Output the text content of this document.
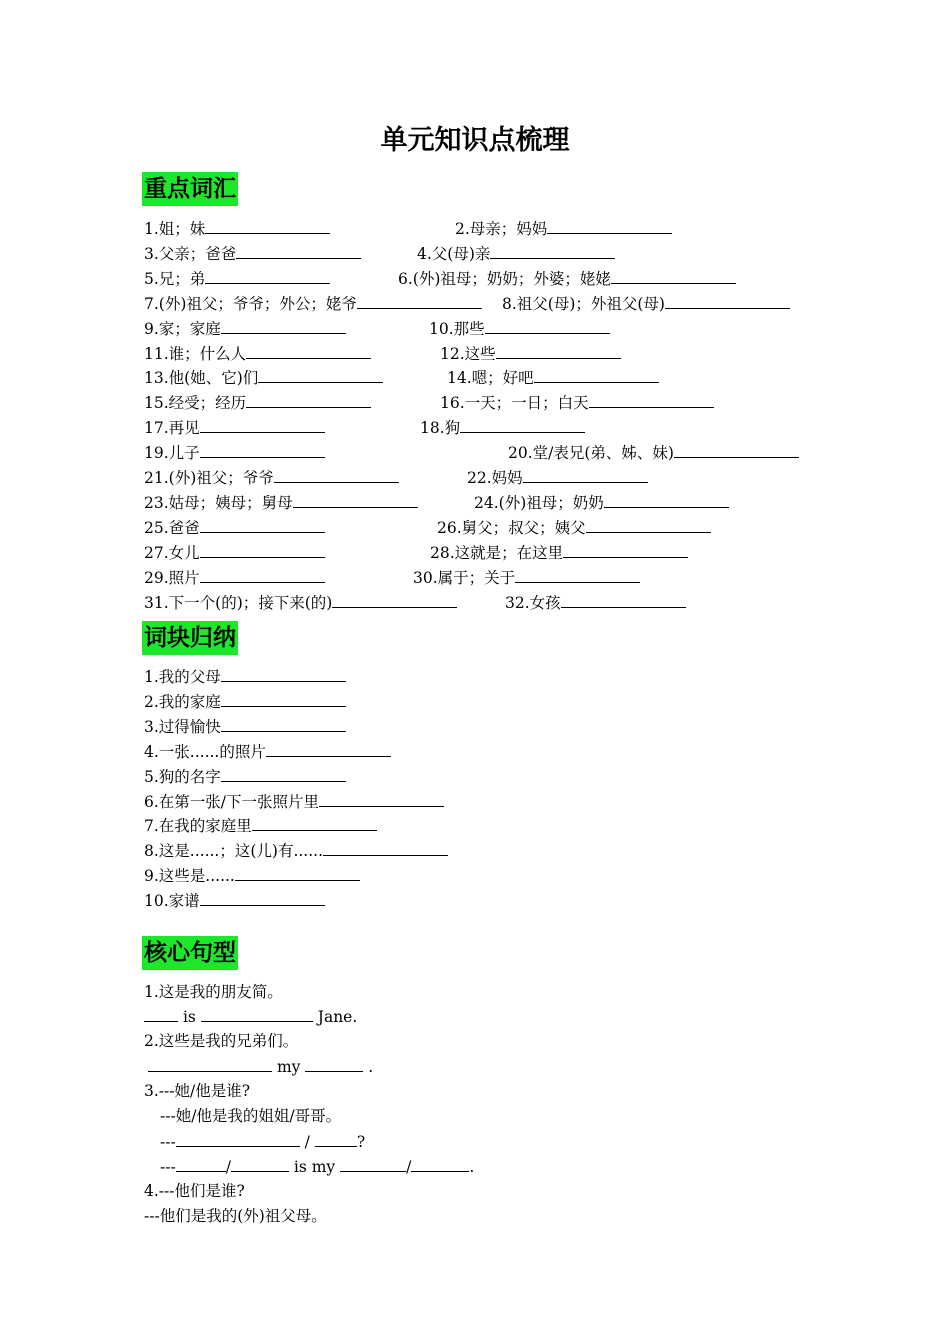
单元知识点梳理
重点词汇
1.姐；妹	2.母亲；妈妈
3.父亲；爸爸	4.父(母)亲
5.兄；弟	6.(外)祖母；奶奶；外婆；姥姥
7.(外)祖父；爷爷；外公；姥爷	8.祖父(母)；外祖父(母)
9.家；家庭	10.那些
11.谁；什么人	12.这些
13.他(她、它)们	14.嗯；好吧
15.经受；经历	16.一天；一日；白天
17.再见	18.狗
19.儿子	20.堂/表兄(弟、姊、妹)
21.(外)祖父；爷爷	22.妈妈
23.姑母；姨母；舅母	24.(外)祖母；奶奶
25.爸爸	26.舅父；叔父；姨父
27.女儿	28.这就是；在这里
29.照片	30.属于；关于
31.下一个(的)；接下来(的)	32.女孩
词块归纳
1.我的父母
2.我的家庭
3.过得愉快
4.一张......的照片
5.狗的名字
6.在第一张/下一张照片里
7.在我的家庭里
8.这是......；这(儿)有......
9.这些是......
10.家谱
核心句型
1.这是我的朋友简。
is	Jane.
2.这些是我的兄弟们。
my	.
3.---她/他是谁?
---她/他是我的姐姐/哥哥。
---	/	?
---	/	is my	/	.
4.---他们是谁?
---他们是我的(外)祖父母。
